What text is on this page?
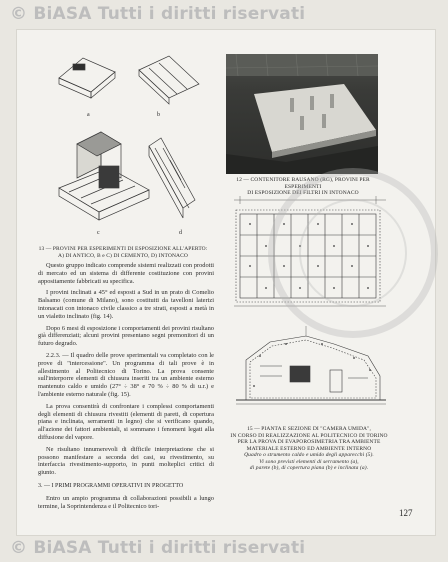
© BiASA Tutti i diritti riservati
© BiASA Tutti i diritti riservati
a	b
c	d
13 — PROVINI PER ESPERIMENTI DI ESPOSIZIONE ALL'APERTO:
A) DI ANTICO, B e C) DI CEMENTO, D) INTONACO
12 — CONTENITORE BAUSANO (RG), PROVINI PER ESPERIMENTI
DI ESPOSIZIONE DEI FILTRI IN INTONACO
15 — PIANTA E SEZIONE DI "CAMERA UMIDA",
IN CORSO DI REALIZZAZIONE AL POLITECNICO DI TORINO
PER LA PROVA DI EVAPOROSIMETRIA TRA AMBIENTE
MATERIALE ESTERNO ED AMBIENTE INTERNO
Quadro o strumento caldo e umido degli apparecchi (5).
Vi sono previsti elementi di serramento (a),
di parete (b), di copertura piana (b) e inclinata (a).

Questo gruppo indicato comprende sistemi realizzati con prodotti di mercato ed un sistema di differente costituzione con provini appositamente fabbricati su specifica.

I provini inclinati a 45° ed esposti a Sud in un prato di Comelio Balsamo (comune di Milano), sono costituiti da tavelloni laterizi intonacati con intonaco civile classico a tre strati, esposti a metà in un vialetto inclinato (fig. 14).

Dopo 6 mesi di esposizione i comportamenti dei provini risultano già differenziati; alcuni provini presentano segni premonitori di un futuro degrado.

2.2.3. — Il quadro delle prove sperimentali va completato con le prove di "intercessione". Un programma di tali prove è in allestimento al Politecnico di Torino. La prova consente sull'interporre elementi di chiusura inseriti tra un ambiente esterno mantenuto caldo e umido (27° ÷ 38° e 70 % ÷ 80 % di u.r.) e l'ambiente esterno naturale (fig. 15).

La prova consentirà di confrontare i complessi comportamenti degli elementi di chiusura rivestiti (elementi di pareti, di copertura piana e inclinata, serramenti in legno) che si verificano quando, all'azione dei fattori ambientali, si sommano i fenomeni legati alla diffusione del vapore.

Ne risultano innumerevoli di difficile interpretazione che si possono manifestare a seconda dei casi, su rivestimento, su interfaccia rivestimento-supporto, in punti molteplici critici di giunto.

3. — I PRIMI PROGRAMMI OPERATIVI IN PROGETTO

Entro un ampio programma di collaborazioni possibili a lungo termine, la Soprintendenza e il Politecnico tori-

127
